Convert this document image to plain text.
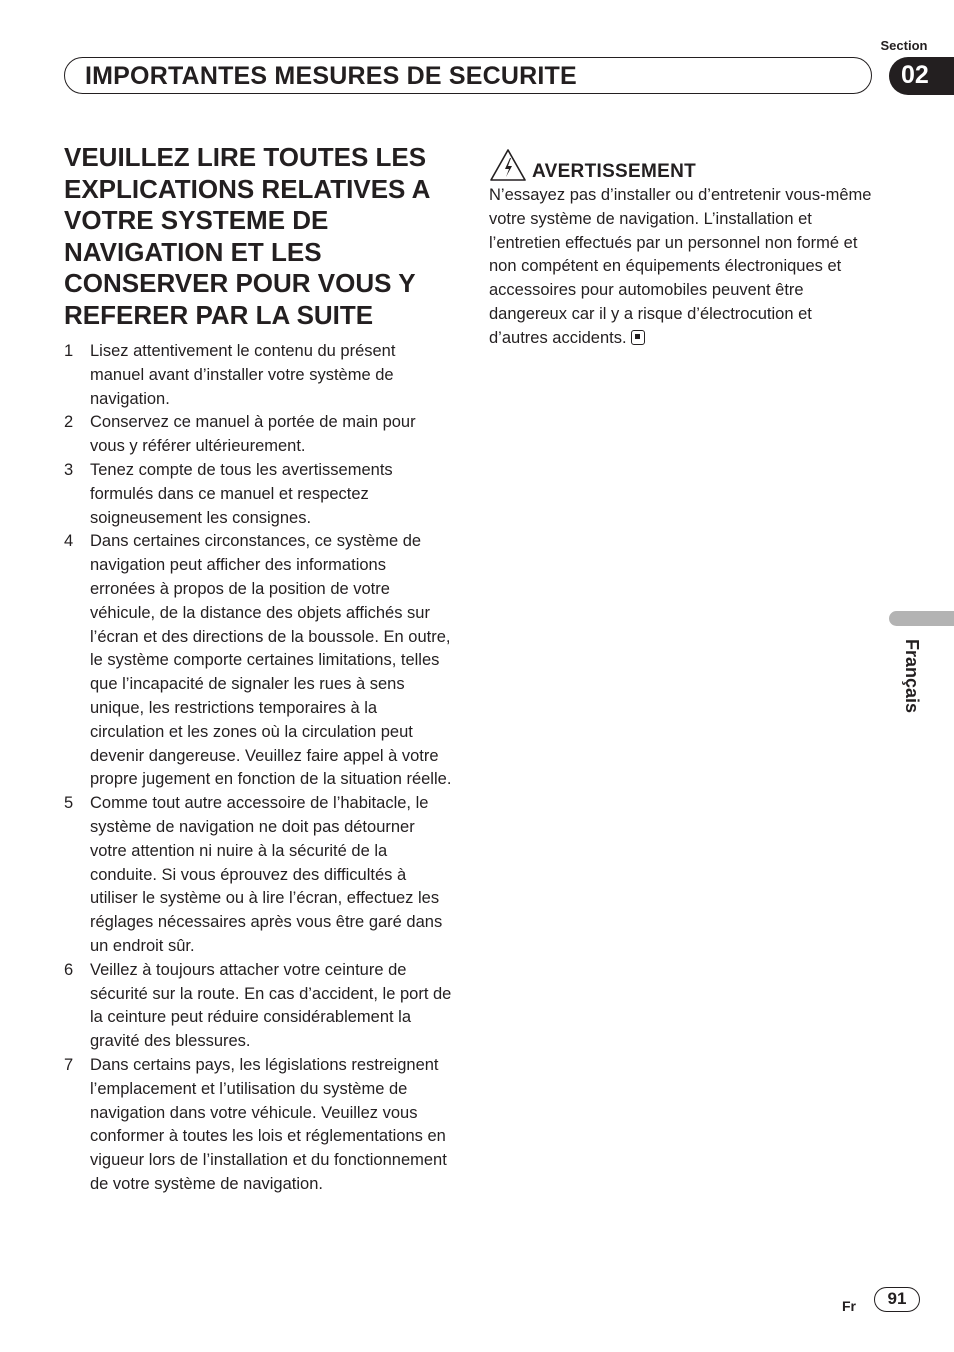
Section
IMPORTANTES MESURES DE SECURITE	02
VEUILLEZ LIRE TOUTES LES EXPLICATIONS RELATIVES A VOTRE SYSTEME DE NAVIGATION ET LES CONSERVER POUR VOUS Y REFERER PAR LA SUITE
1	Lisez attentivement le contenu du présent manuel avant d’installer votre système de navigation.
2	Conservez ce manuel à portée de main pour vous y référer ultérieurement.
3	Tenez compte de tous les avertissements formulés dans ce manuel et respectez soigneusement les consignes.
4	Dans certaines circonstances, ce système de navigation peut afficher des informations erronées à propos de la position de votre véhicule, de la distance des objets affichés sur l’écran et des directions de la boussole. En outre, le système comporte certaines limitations, telles que l’incapacité de signaler les rues à sens unique, les restrictions temporaires à la circulation et les zones où la circulation peut devenir dangereuse. Veuillez faire appel à votre propre jugement en fonction de la situation réelle.
5	Comme tout autre accessoire de l’habitacle, le système de navigation ne doit pas détourner votre attention ni nuire à la sécurité de la conduite. Si vous éprouvez des difficultés à utiliser le système ou à lire l’écran, effectuez les réglages nécessaires après vous être garé dans un endroit sûr.
6	Veillez à toujours attacher votre ceinture de sécurité sur la route. En cas d’accident, le port de la ceinture peut réduire considérablement la gravité des blessures.
7	Dans certains pays, les législations restreignent l’emplacement et l’utilisation du système de navigation dans votre véhicule. Veuillez vous conformer à toutes les lois et réglementations en vigueur lors de l’installation et du fonctionnement de votre système de navigation.
AVERTISSEMENT

N’essayez pas d’installer ou d’entretenir vous-même votre système de navigation. L’installation et l’entretien effectués par un personnel non formé et non compétent en équipements électroniques et accessoires pour automobiles peuvent être dangereux car il y a risque d’électrocution et d’autres accidents.

Français
Fr	91
